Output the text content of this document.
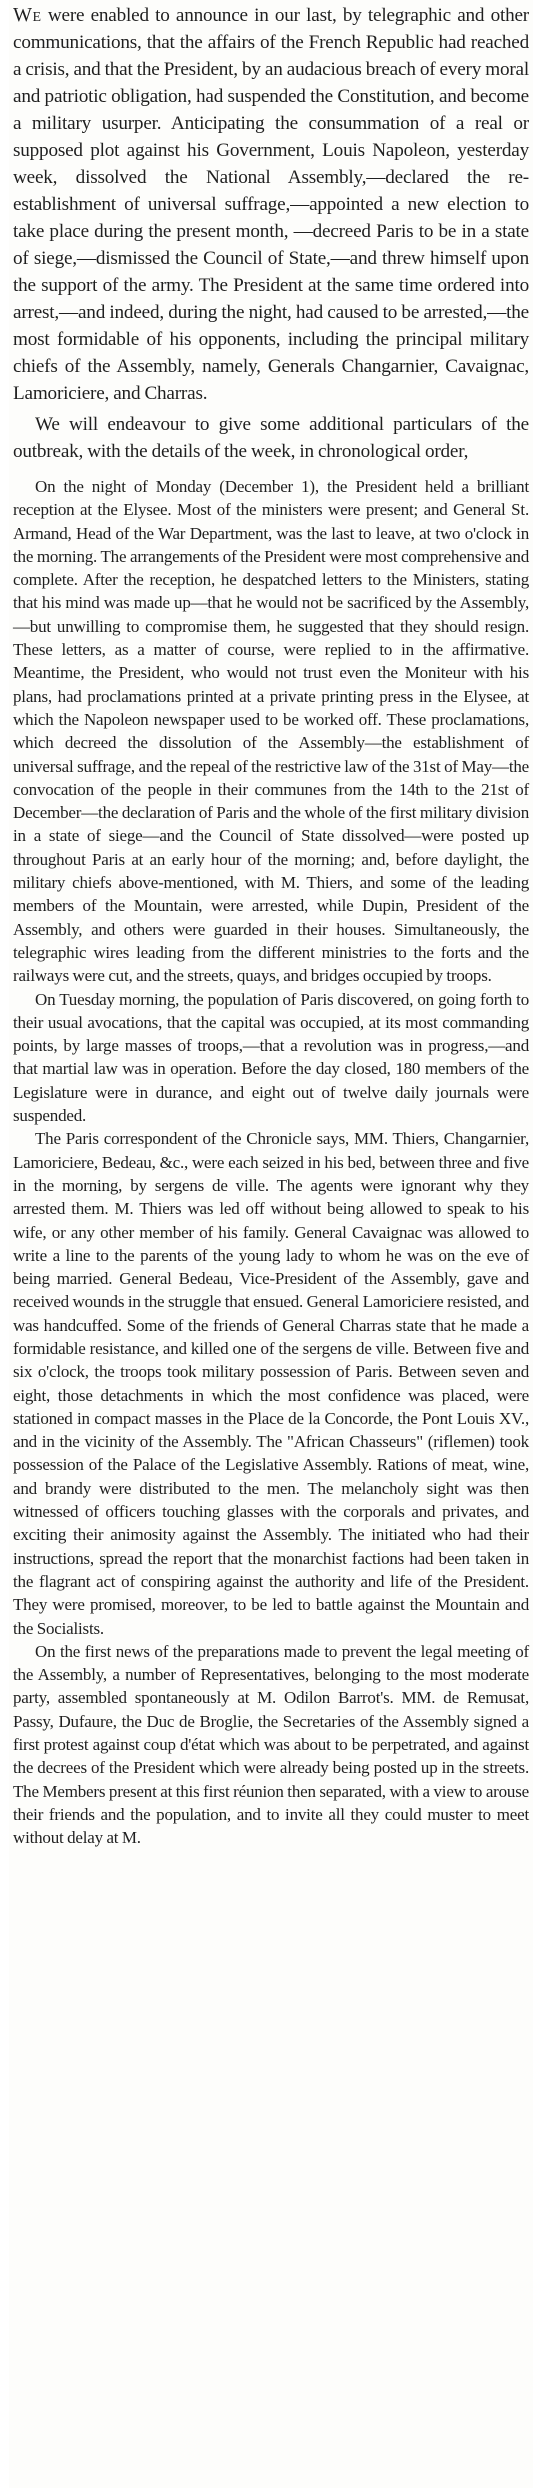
We were enabled to announce in our last, by telegraphic and other communications, that the affairs of the French Republic had reached a crisis, and that the President, by an audacious breach of every moral and patriotic obligation, had suspended the Constitution, and become a military usurper. Anticipating the consummation of a real or supposed plot against his Government, Louis Napoleon, yesterday week, dissolved the National Assembly,—declared the re-establishment of universal suffrage,—appointed a new election to take place during the present month, —decreed Paris to be in a state of siege,—dismissed the Council of State,—and threw himself upon the support of the army. The President at the same time ordered into arrest,—and indeed, during the night, had caused to be arrested,—the most formidable of his opponents, including the principal military chiefs of the Assembly, namely, Generals Changarnier, Cavaignac, Lamoriciere, and Charras.

We will endeavour to give some additional particulars of the outbreak, with the details of the week, in chronological order,

On the night of Monday (December 1), the President held a brilliant reception at the Elysee. Most of the ministers were present; and General St. Armand, Head of the War Department, was the last to leave, at two o'clock in the morning. The arrangements of the President were most comprehensive and complete. After the reception, he despatched letters to the Ministers, stating that his mind was made up—that he would not be sacrificed by the Assembly,—but unwilling to compromise them, he suggested that they should resign. These letters, as a matter of course, were replied to in the affirmative. Meantime, the President, who would not trust even the Moniteur with his plans, had proclamations printed at a private printing press in the Elysee, at which the Napoleon newspaper used to be worked off. These proclamations, which decreed the dissolution of the Assembly—the establishment of universal suffrage, and the repeal of the restrictive law of the 31st of May—the convocation of the people in their communes from the 14th to the 21st of December—the declaration of Paris and the whole of the first military division in a state of siege—and the Council of State dissolved—were posted up throughout Paris at an early hour of the morning; and, before daylight, the military chiefs above-mentioned, with M. Thiers, and some of the leading members of the Mountain, were arrested, while Dupin, President of the Assembly, and others were guarded in their houses. Simultaneously, the telegraphic wires leading from the different ministries to the forts and the railways were cut, and the streets, quays, and bridges occupied by troops.

On Tuesday morning, the population of Paris discovered, on going forth to their usual avocations, that the capital was occupied, at its most commanding points, by large masses of troops,—that a revolution was in progress,—and that martial law was in operation. Before the day closed, 180 members of the Legislature were in durance, and eight out of twelve daily journals were suspended.

The Paris correspondent of the Chronicle says, MM. Thiers, Changarnier, Lamoriciere, Bedeau, &c., were each seized in his bed, between three and five in the morning, by sergens de ville. The agents were ignorant why they arrested them. M. Thiers was led off without being allowed to speak to his wife, or any other member of his family. General Cavaignac was allowed to write a line to the parents of the young lady to whom he was on the eve of being married. General Bedeau, Vice-President of the Assembly, gave and received wounds in the struggle that ensued. General Lamoriciere resisted, and was handcuffed. Some of the friends of General Charras state that he made a formidable resistance, and killed one of the sergens de ville. Between five and six o'clock, the troops took military possession of Paris. Between seven and eight, those detachments in which the most confidence was placed, were stationed in compact masses in the Place de la Concorde, the Pont Louis XV., and in the vicinity of the Assembly. The "African Chasseurs" (riflemen) took possession of the Palace of the Legislative Assembly. Rations of meat, wine, and brandy were distributed to the men. The melancholy sight was then witnessed of officers touching glasses with the corporals and privates, and exciting their animosity against the Assembly. The initiated who had their instructions, spread the report that the monarchist factions had been taken in the flagrant act of conspiring against the authority and life of the President. They were promised, moreover, to be led to battle against the Mountain and the Socialists.

On the first news of the preparations made to prevent the legal meeting of the Assembly, a number of Representatives, belonging to the most moderate party, assembled spontaneously at M. Odilon Barrot's. MM. de Remusat, Passy, Dufaure, the Duc de Broglie, the Secretaries of the Assembly signed a first protest against coup d'état which was about to be perpetrated, and against the decrees of the President which were already being posted up in the streets. The Members present at this first réunion then separated, with a view to arouse their friends and the population, and to invite all they could muster to meet without delay at M.
